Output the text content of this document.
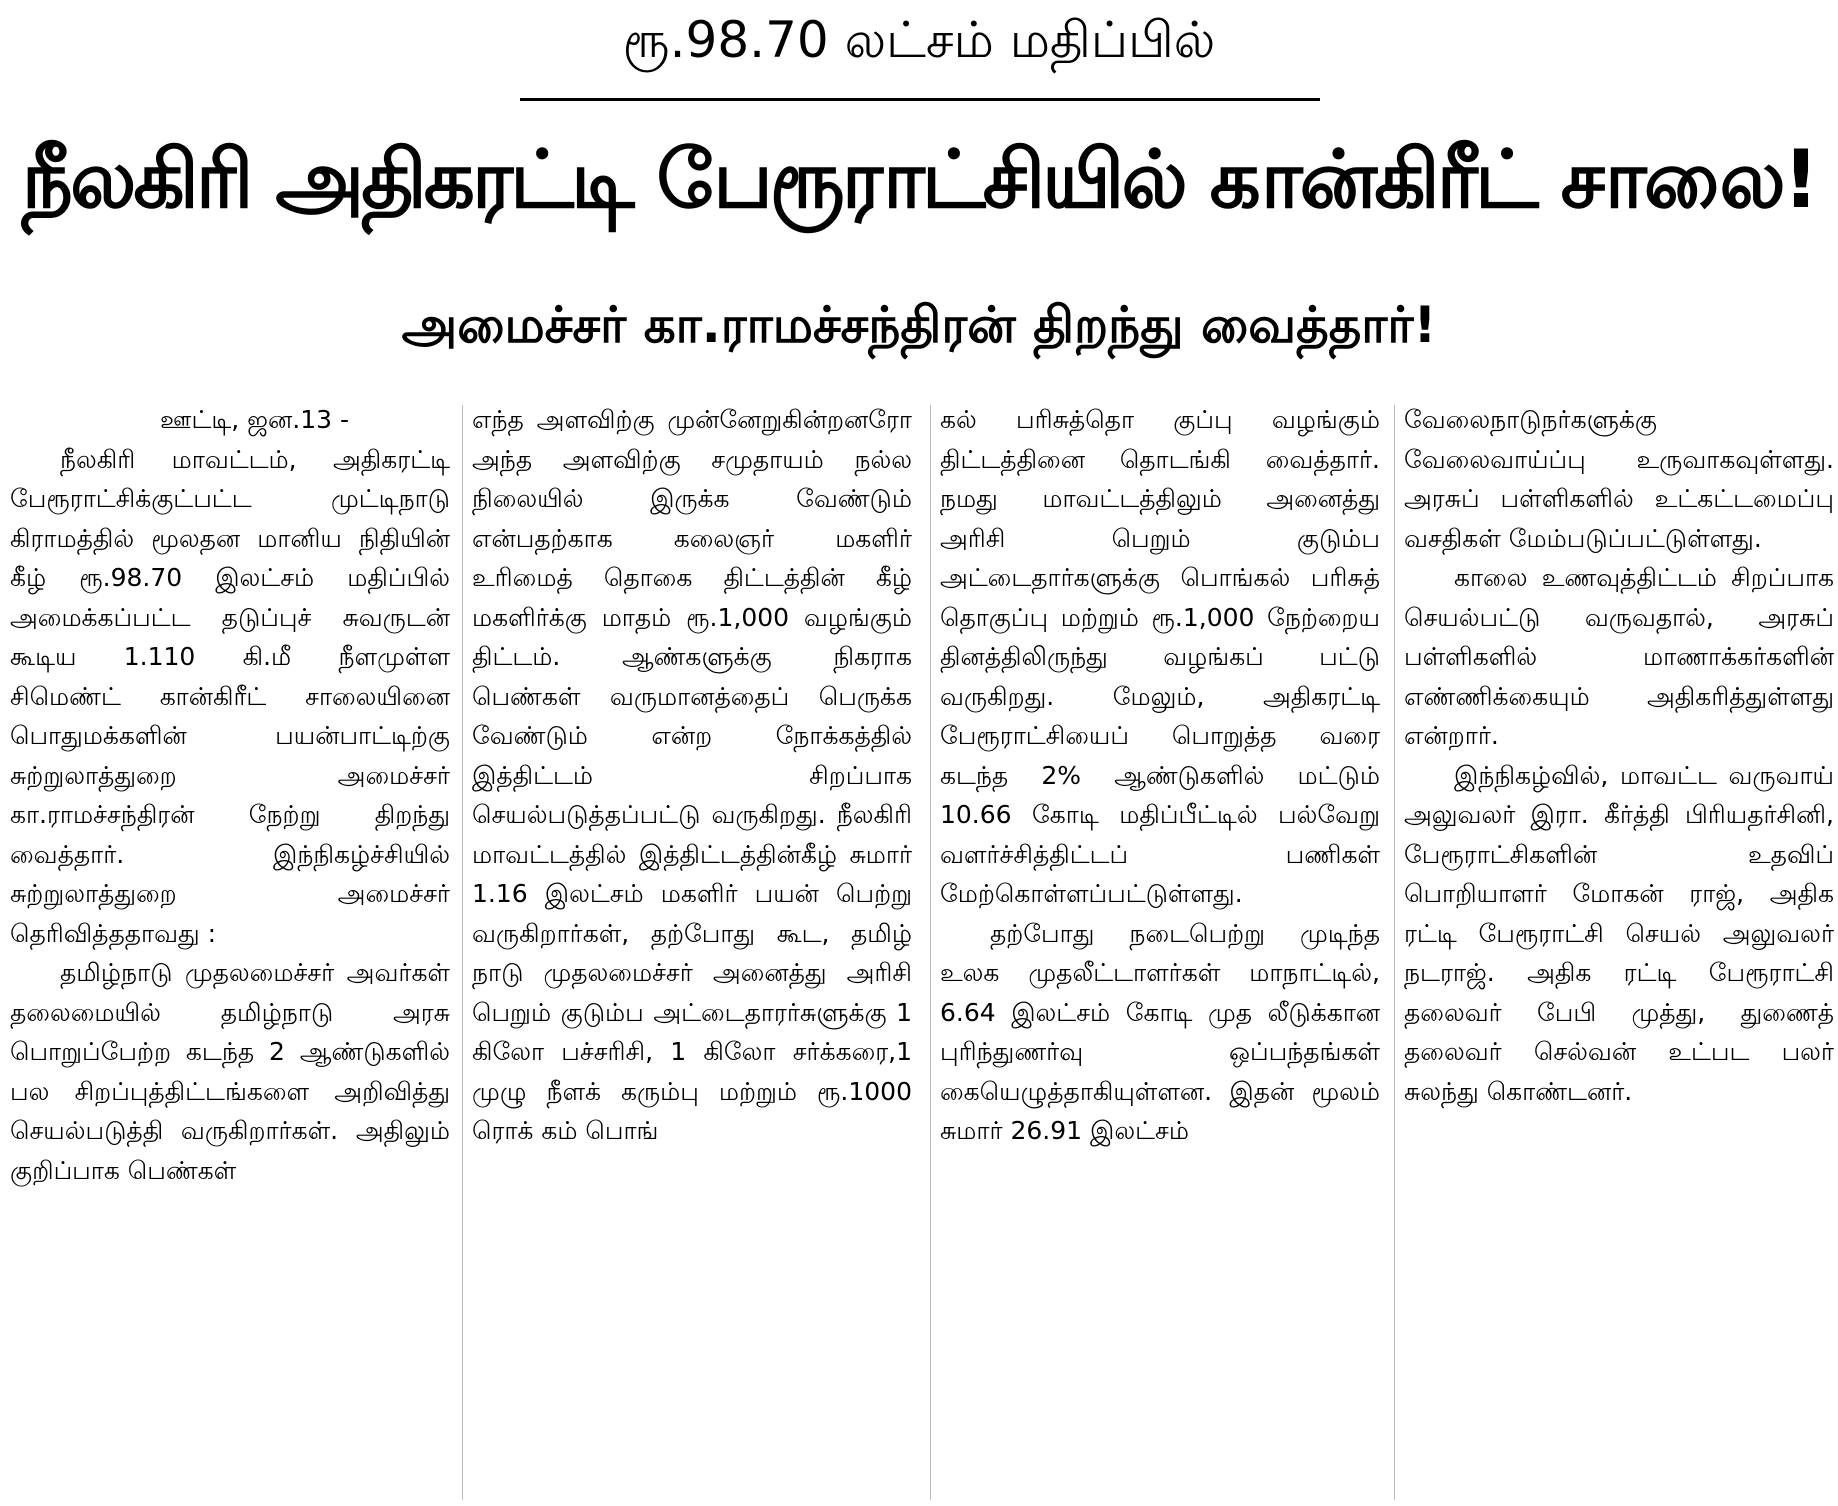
ரூ.98.70 லட்சம் மதிப்பில்
நீலகிரி அதிகரட்டி பேரூராட்சியில் கான்கிரீட் சாலை!
அமைச்சர் கா.ராமச்சந்திரன் திறந்து வைத்தார்!

ஊட்டி, ஜன.13 -

நீலகிரி மாவட்டம், அதிகரட்டி பேரூராட்சிக்குட்பட்ட முட்டிநாடு கிராமத்தில் மூலதன மானிய நிதியின் கீழ் ரூ.98.70 இலட்சம் மதிப்பில் அமைக்கப்பட்ட தடுப்புச் சுவருடன் கூடிய 1.110 கி.மீ நீளமுள்ள சிமெண்ட் கான்கிரீட் சாலையினை பொதுமக்களின் பயன்பாட்டிற்கு சுற்றுலாத்துறை அமைச்சர் கா.ராமச்சந்திரன் நேற்று திறந்து வைத்தார். இந்நிகழ்ச்சியில் சுற்றுலாத்துறை அமைச்சர் தெரிவித்ததாவது :

தமிழ்நாடு முதலமைச்சர் அவர்கள் தலைமையில் தமிழ்நாடு அரசு பொறுப்பேற்ற கடந்த 2 ஆண்டுகளில் பல சிறப்புத்திட்டங்களை அறிவித்து செயல்படுத்தி வருகிறார்கள். அதிலும் குறிப்பாக பெண்கள்

எந்த அளவிற்கு முன்னேறுகின்றனரோ அந்த அளவிற்கு சமுதாயம் நல்ல நிலையில் இருக்க வேண்டும் என்பதற்காக கலைஞர் மகளிர் உரிமைத் தொகை திட்டத்தின் கீழ் மகளிர்க்கு மாதம் ரூ.1,000 வழங்கும் திட்டம். ஆண்களுக்கு நிகராக பெண்கள் வருமானத்தைப் பெருக்க வேண்டும் என்ற நோக்கத்தில் இத்திட்டம் சிறப்பாக செயல்படுத்தப்பட்டு வருகிறது. நீலகிரி மாவட்டத்தில் இத்திட்டத்தின்கீழ் சுமார் 1.16 இலட்சம் மகளிர் பயன் பெற்று வருகிறார்கள், தற்போது கூட, தமிழ் நாடு முதலமைச்சர் அனைத்து அரிசி பெறும் குடும்ப அட்டைதாரர்சுளுக்கு 1 கிலோ பச்சரிசி, 1 கிலோ சர்க்கரை,1 முழு நீளக் கரும்பு மற்றும் ரூ.1000 ரொக் கம் பொங்

கல் பரிசுத்தொ குப்பு வழங்கும் திட்டத்தினை தொடங்கி வைத்தார். நமது மாவட்டத்திலும் அனைத்து அரிசி பெறும் குடும்ப அட்டைதார்களுக்கு பொங்கல் பரிசுத் தொகுப்பு மற்றும் ரூ.1,000 நேற்றைய தினத்திலிருந்து வழங்கப் பட்டு வருகிறது. மேலும், அதிகரட்டி பேரூராட்சியைப் பொறுத்த வரை கடந்த 2% ஆண்டுகளில் மட்டும் 10.66 கோடி மதிப்பீட்டில் பல்வேறு வளர்ச்சித்திட்டப் பணிகள் மேற்கொள்ளப்பட்டுள்ளது.

தற்போது நடைபெற்று முடிந்த உலக முதலீட்டாளர்கள் மாநாட்டில், 6.64 இலட்சம் கோடி முத லீடுக்கான புரிந்துணர்வு ஒப்பந்தங்கள் கையெழுத்தாகியுள்ளன. இதன் மூலம் சுமார் 26.91 இலட்சம்

வேலைநாடுநர்களுக்கு வேலைவாய்ப்பு உருவாகவுள்ளது. அரசுப் பள்ளிகளில் உட்கட்டமைப்பு வசதிகள் மேம்படுப்பட்டுள்ளது.

காலை உணவுத்திட்டம் சிறப்பாக செயல்பட்டு வருவதால், அரசுப் பள்ளிகளில் மாணாக்கர்களின் எண்ணிக்கையும் அதிகரித்துள்ளது என்றார்.

இந்நிகழ்வில், மாவட்ட வருவாய் அலுவலர் இரா. கீர்த்தி பிரியதர்சினி, பேரூராட்சிகளின் உதவிப் பொறியாளர் மோகன் ராஜ், அதிக ரட்டி பேரூராட்சி செயல் அலுவலர் நடராஜ். அதிக ரட்டி பேரூராட்சி தலைவர் பேபி முத்து, துணைத் தலைவர் செல்வன் உட்பட பலர் சுலந்து கொண்டனர்.
